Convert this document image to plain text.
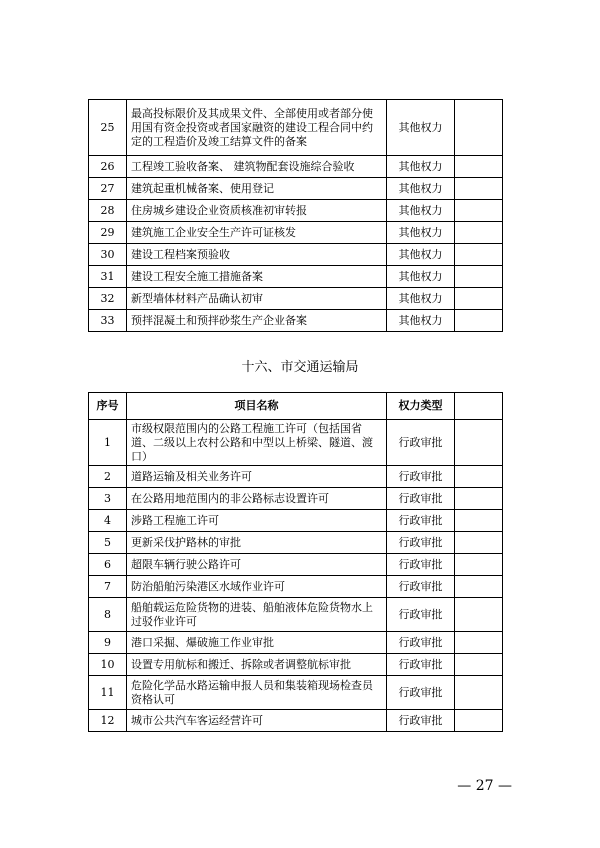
25	最高投标限价及其成果文件、全部使用或者部分使用国有资金投资或者国家融资的建设工程合同中约定的工程造价及竣工结算文件的备案	其他权力	
26	工程竣工验收备案、 建筑物配套设施综合验收	其他权力	
27	建筑起重机械备案、使用登记	其他权力	
28	住房城乡建设企业资质核准初审转报	其他权力	
29	建筑施工企业安全生产许可证核发	其他权力	
30	建设工程档案预验收	其他权力	
31	建设工程安全施工措施备案	其他权力	
32	新型墙体材料产品确认初审	其他权力	
33	预拌混凝土和预拌砂浆生产企业备案	其他权力	
十六、市交通运输局
序号	项目名称	权力类型	
1	市级权限范围内的公路工程施工许可（包括国省道、二级以上农村公路和中型以上桥梁、隧道、渡口）	行政审批	
2	道路运输及相关业务许可	行政审批	
3	在公路用地范围内的非公路标志设置许可	行政审批	
4	涉路工程施工许可	行政审批	
5	更新采伐护路林的审批	行政审批	
6	超限车辆行驶公路许可	行政审批	
7	防治船舶污染港区水域作业许可	行政审批	
8	船舶载运危险货物的进装、船舶液体危险货物水上过驳作业许可	行政审批	
9	港口采掘、爆破施工作业审批	行政审批	
10	设置专用航标和搬迁、拆除或者调整航标审批	行政审批	
11	危险化学品水路运输申报人员和集装箱现场检查员资格认可	行政审批	
12	城市公共汽车客运经营许可	行政审批	
— 27 —
